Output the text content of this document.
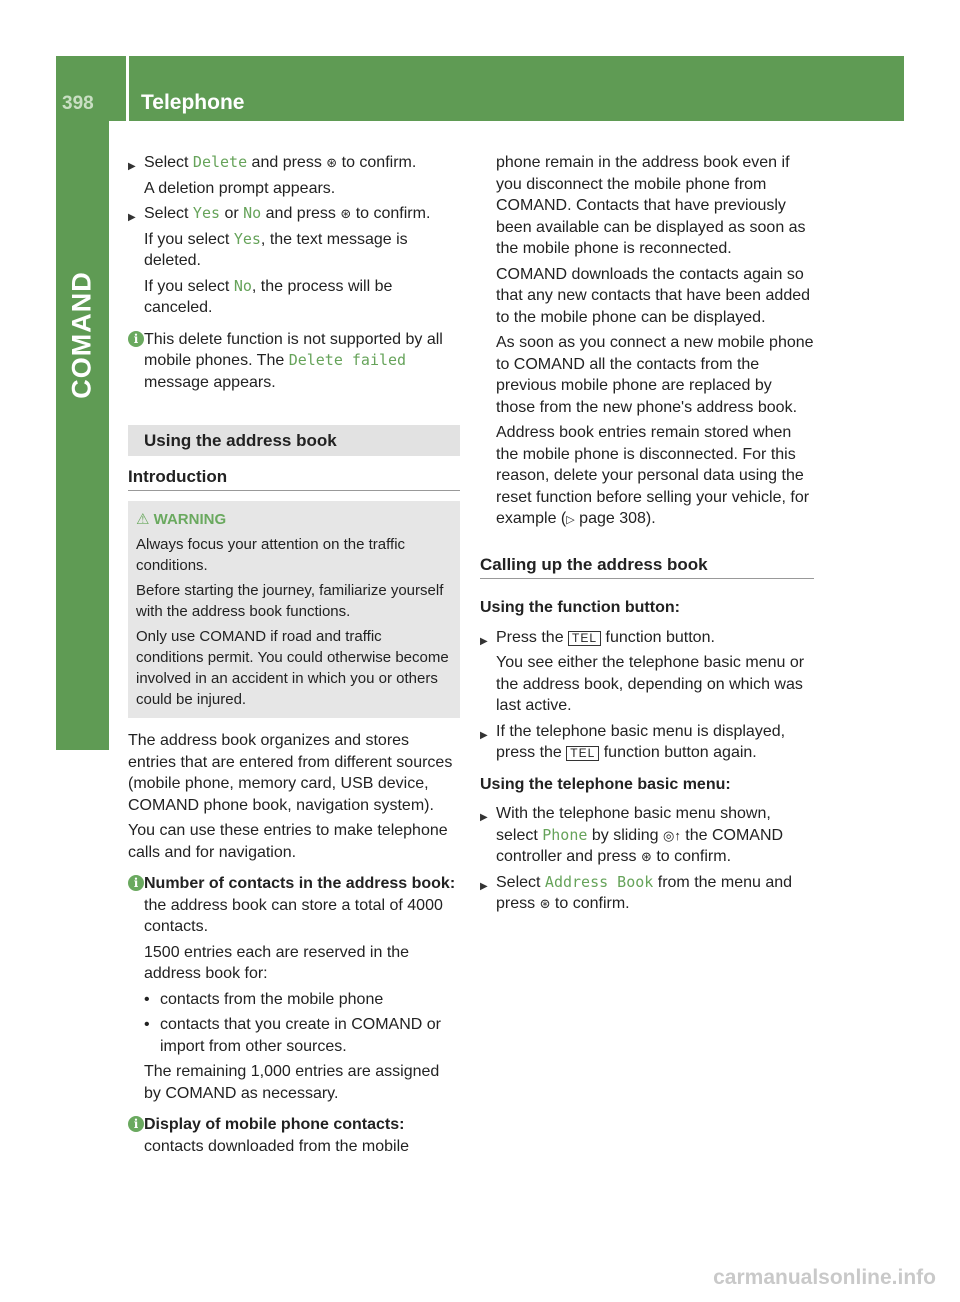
398 Telephone
COMAND
▶ Select Delete and press ⊛ to confirm.

A deletion prompt appears.

▶ Select Yes or No and press ⊛ to confirm.

If you select Yes, the text message is deleted.

If you select No, the process will be canceled.

i This delete function is not supported by all mobile phones. The Delete failed message appears.
Using the address book
Introduction
⚠ WARNING

Always focus your attention on the traffic conditions.

Before starting the journey, familiarize yourself with the address book functions.

Only use COMAND if road and traffic conditions permit. You could otherwise become involved in an accident in which you or others could be injured.

The address book organizes and stores entries that are entered from different sources (mobile phone, memory card, USB device, COMAND phone book, navigation system).

You can use these entries to make telephone calls and for navigation.

i Number of contacts in the address book: the address book can store a total of 4000 contacts.

1500 entries each are reserved in the address book for:

• contacts from the mobile phone
• contacts that you create in COMAND or import from other sources.

The remaining 1,000 entries are assigned by COMAND as necessary.

i Display of mobile phone contacts:
contacts downloaded from the mobile

phone remain in the address book even if you disconnect the mobile phone from COMAND. Contacts that have previously been available can be displayed as soon as the mobile phone is reconnected.

COMAND downloads the contacts again so that any new contacts that have been added to the mobile phone can be displayed.

As soon as you connect a new mobile phone to COMAND all the contacts from the previous mobile phone are replaced by those from the new phone's address book.

Address book entries remain stored when the mobile phone is disconnected. For this reason, delete your personal data using the reset function before selling your vehicle, for example (▷ page 308).

Calling up the address book

Using the function button:

▶ Press the TEL function button.

You see either the telephone basic menu or the address book, depending on which was last active.

▶ If the telephone basic menu is displayed, press the TEL function button again.

Using the telephone basic menu:

▶ With the telephone basic menu shown, select Phone by sliding ◎↑ the COMAND controller and press ⊛ to confirm.
▶ Select Address Book from the menu and press ⊛ to confirm.
carmanualsonline.info
